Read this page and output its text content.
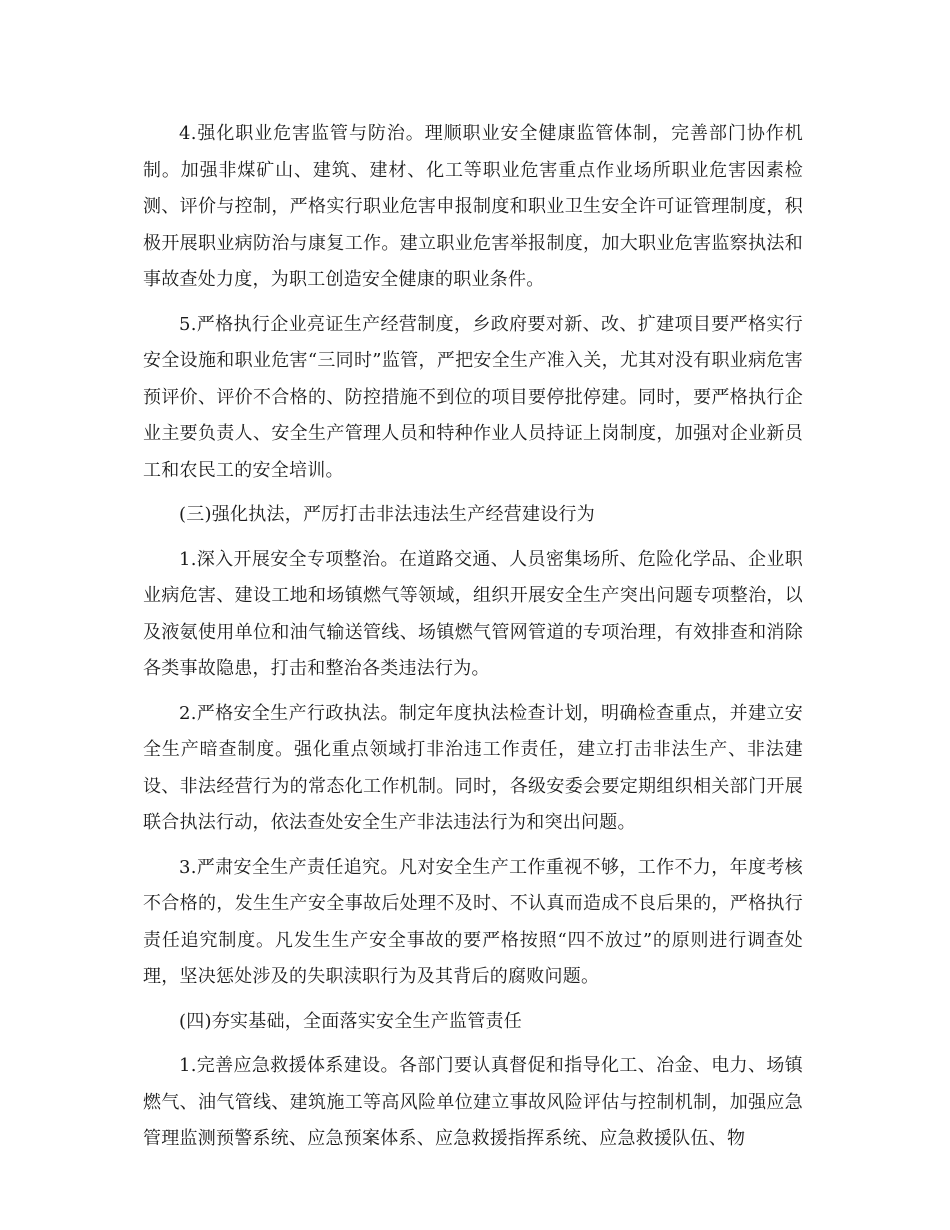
4.强化职业危害监管与防治。理顺职业安全健康监管体制，完善部门协作机制。加强非煤矿山、建筑、建材、化工等职业危害重点作业场所职业危害因素检测、评价与控制，严格实行职业危害申报制度和职业卫生安全许可证管理制度，积极开展职业病防治与康复工作。建立职业危害举报制度，加大职业危害监察执法和事故查处力度，为职工创造安全健康的职业条件。

5.严格执行企业亮证生产经营制度，乡政府要对新、改、扩建项目要严格实行安全设施和职业危害“三同时”监管，严把安全生产准入关，尤其对没有职业病危害预评价、评价不合格的、防控措施不到位的项目要停批停建。同时，要严格执行企业主要负责人、安全生产管理人员和特种作业人员持证上岗制度，加强对企业新员工和农民工的安全培训。

(三)强化执法，严厉打击非法违法生产经营建设行为

1.深入开展安全专项整治。在道路交通、人员密集场所、危险化学品、企业职业病危害、建设工地和场镇燃气等领域，组织开展安全生产突出问题专项整治，以及液氨使用单位和油气输送管线、场镇燃气管网管道的专项治理，有效排查和消除各类事故隐患，打击和整治各类违法行为。

2.严格安全生产行政执法。制定年度执法检查计划，明确检查重点，并建立安全生产暗查制度。强化重点领域打非治违工作责任，建立打击非法生产、非法建设、非法经营行为的常态化工作机制。同时，各级安委会要定期组织相关部门开展联合执法行动，依法查处安全生产非法违法行为和突出问题。

3.严肃安全生产责任追究。凡对安全生产工作重视不够，工作不力，年度考核不合格的，发生生产安全事故后处理不及时、不认真而造成不良后果的，严格执行责任追究制度。凡发生生产安全事故的要严格按照“四不放过”的原则进行调查处理，坚决惩处涉及的失职渎职行为及其背后的腐败问题。

(四)夯实基础，全面落实安全生产监管责任

1.完善应急救援体系建设。各部门要认真督促和指导化工、冶金、电力、场镇燃气、油气管线、建筑施工等高风险单位建立事故风险评估与控制机制，加强应急管理监测预警系统、应急预案体系、应急救援指挥系统、应急救援队伍、物
